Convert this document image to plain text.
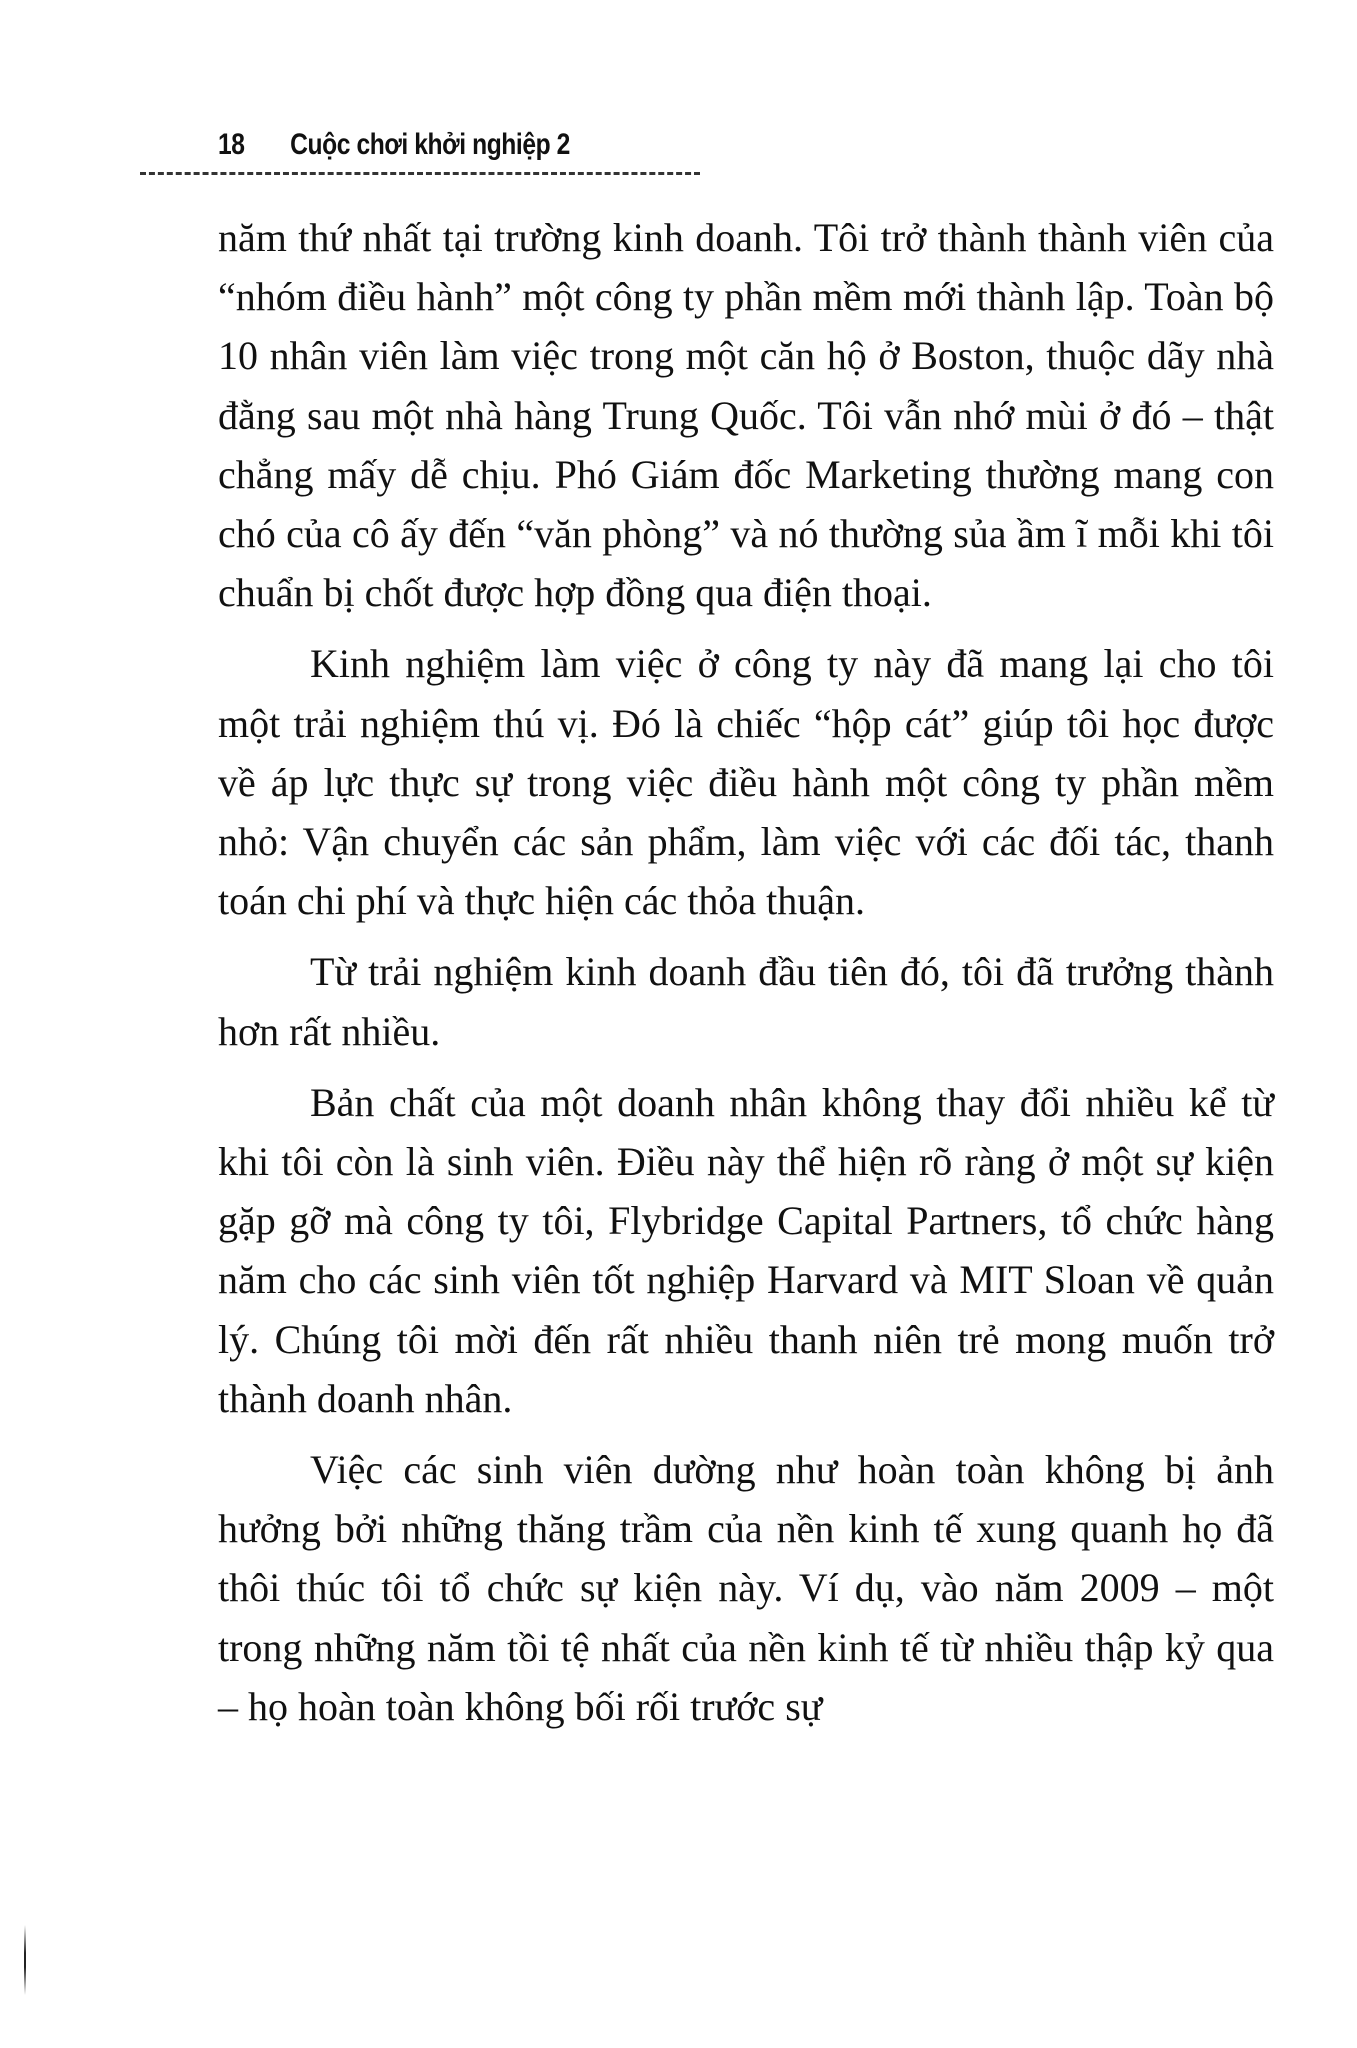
18 Cuộc chơi khởi nghiệp 2

năm thứ nhất tại trường kinh doanh. Tôi trở thành thành viên của “nhóm điều hành” một công ty phần mềm mới thành lập. Toàn bộ 10 nhân viên làm việc trong một căn hộ ở Boston, thuộc dãy nhà đằng sau một nhà hàng Trung Quốc. Tôi vẫn nhớ mùi ở đó – thật chẳng mấy dễ chịu. Phó Giám đốc Marketing thường mang con chó của cô ấy đến “văn phòng” và nó thường sủa ầm ĩ mỗi khi tôi chuẩn bị chốt được hợp đồng qua điện thoại.

Kinh nghiệm làm việc ở công ty này đã mang lại cho tôi một trải nghiệm thú vị. Đó là chiếc “hộp cát” giúp tôi học được về áp lực thực sự trong việc điều hành một công ty phần mềm nhỏ: Vận chuyển các sản phẩm, làm việc với các đối tác, thanh toán chi phí và thực hiện các thỏa thuận.

Từ trải nghiệm kinh doanh đầu tiên đó, tôi đã trưởng thành hơn rất nhiều.

Bản chất của một doanh nhân không thay đổi nhiều kể từ khi tôi còn là sinh viên. Điều này thể hiện rõ ràng ở một sự kiện gặp gỡ mà công ty tôi, Flybridge Capital Partners, tổ chức hàng năm cho các sinh viên tốt nghiệp Harvard và MIT Sloan về quản lý. Chúng tôi mời đến rất nhiều thanh niên trẻ mong muốn trở thành doanh nhân.

Việc các sinh viên dường như hoàn toàn không bị ảnh hưởng bởi những thăng trầm của nền kinh tế xung quanh họ đã thôi thúc tôi tổ chức sự kiện này. Ví dụ, vào năm 2009 – một trong những năm tồi tệ nhất của nền kinh tế từ nhiều thập kỷ qua – họ hoàn toàn không bối rối trước sự
